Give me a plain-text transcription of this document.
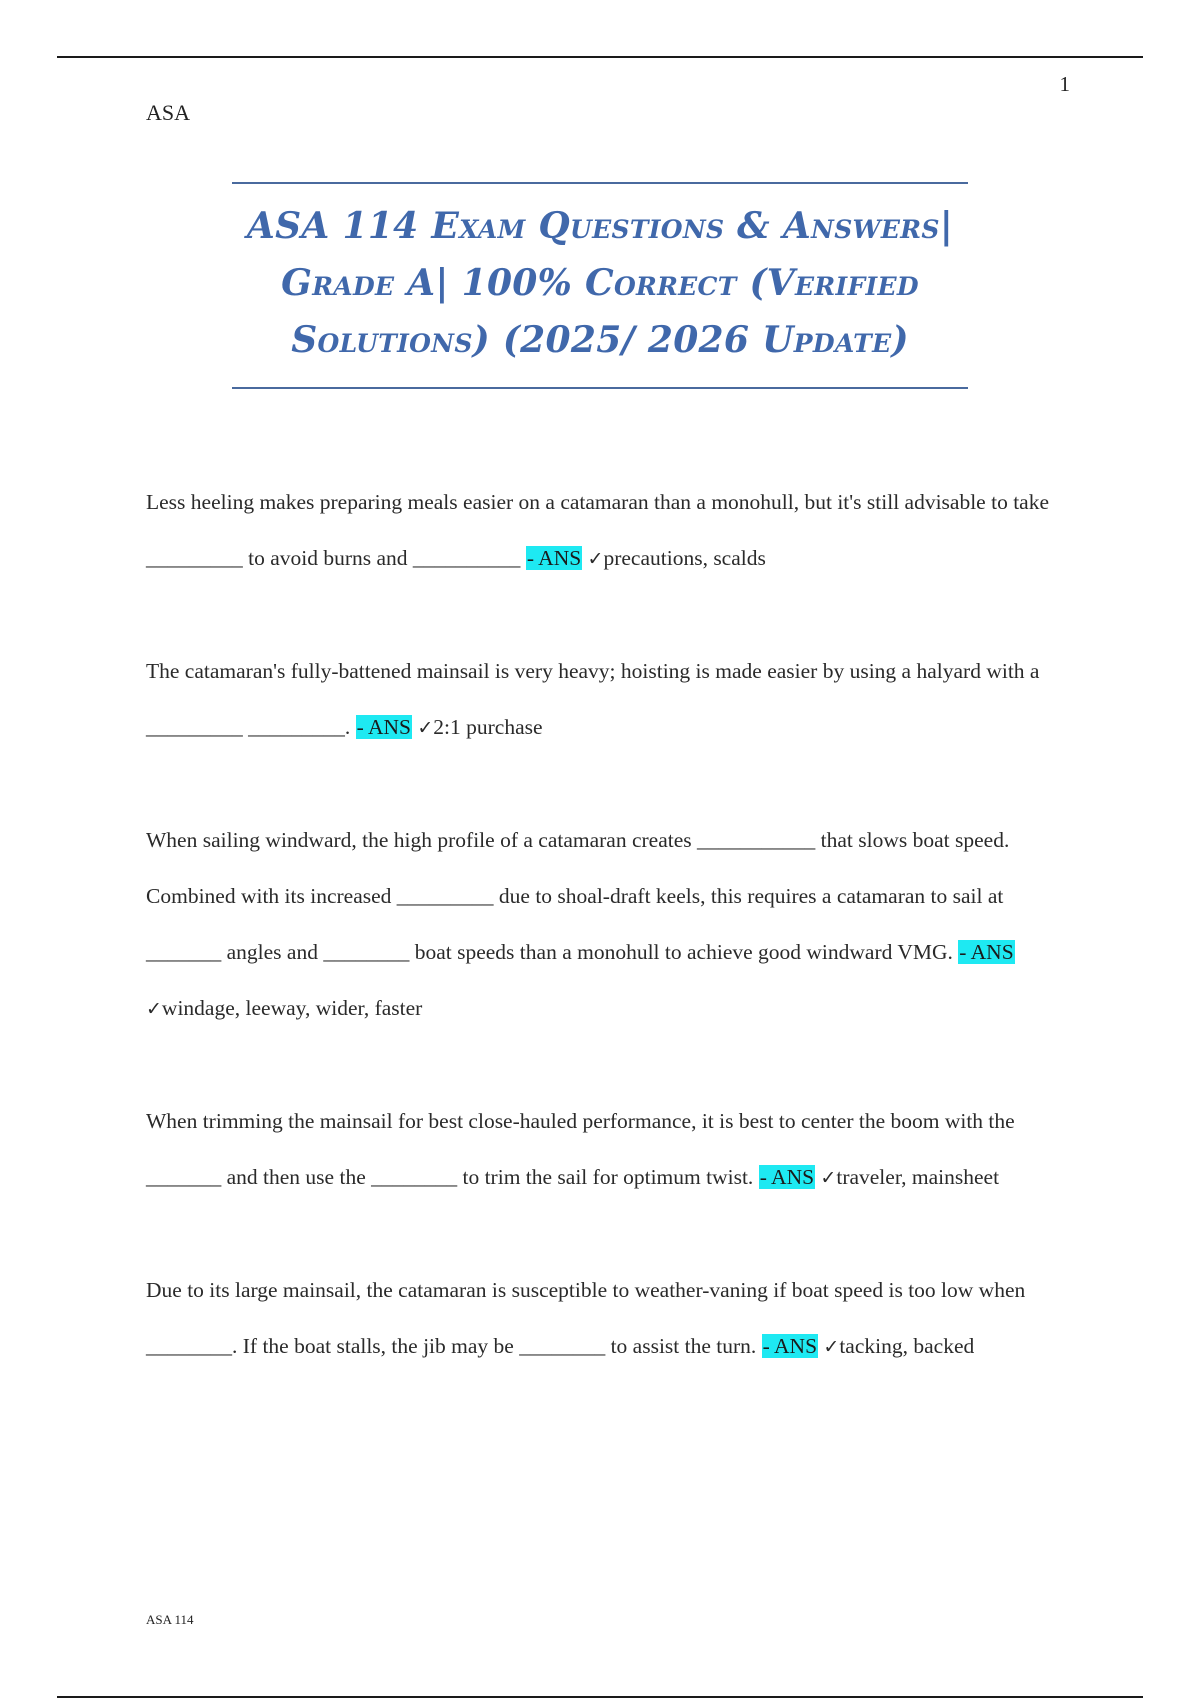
1
ASA
ASA 114 Exam Questions & Answers|
Grade A| 100% Correct (Verified
Solutions) (2025/ 2026 Update)

Less heeling makes preparing meals easier on a catamaran than a monohull, but it's still advisable to take _________ to avoid burns and __________ - ANS ✓precautions, scalds

The catamaran's fully-battened mainsail is very heavy; hoisting is made easier by using a halyard with a _________ _________. - ANS ✓2:1 purchase

When sailing windward, the high profile of a catamaran creates ___________ that slows boat speed. Combined with its increased _________ due to shoal-draft keels, this requires a catamaran to sail at _______ angles and ________ boat speeds than a monohull to achieve good windward VMG. - ANS ✓windage, leeway, wider, faster

When trimming the mainsail for best close-hauled performance, it is best to center the boom with the _______ and then use the ________ to trim the sail for optimum twist. - ANS ✓traveler, mainsheet

Due to its large mainsail, the catamaran is susceptible to weather-vaning if boat speed is too low when ________. If the boat stalls, the jib may be ________ to assist the turn. - ANS ✓tacking, backed

ASA 114
